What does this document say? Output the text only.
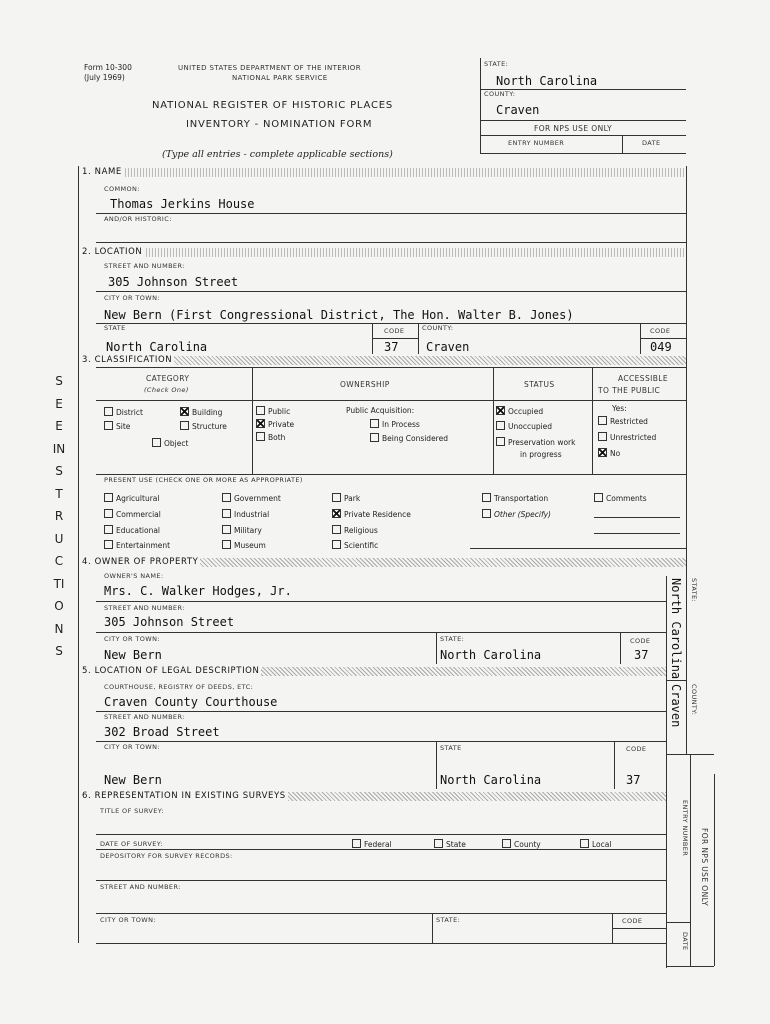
SEE INSTRUCTIONS
Form 10-300
(July 1969)
UNITED STATES DEPARTMENT OF THE INTERIOR
NATIONAL PARK SERVICE
NATIONAL REGISTER OF HISTORIC PLACES
INVENTORY - NOMINATION FORM
(Type all entries - complete applicable sections)
STATE:
North Carolina
COUNTY:
Craven
FOR NPS USE ONLY
ENTRY NUMBER	DATE
1. NAME
COMMON:
Thomas Jerkins House
AND/OR HISTORIC:
2. LOCATION
STREET AND NUMBER:
305 Johnson Street
CITY OR TOWN:
New Bern (First Congressional District, The Hon. Walter B. Jones)
STATE	CODE	COUNTY:	CODE
North Carolina	37 Craven	049
3. CLASSIFICATION
CATEGORY
(Check One)
OWNERSHIP	STATUS
ACCESSIBLE
TO THE PUBLIC
District	Building
Site	Structure
Object
Public
Private
Both
Public Acquisition:
In Process
Being Considered
Occupied
Unoccupied
Preservation work
in progress
Yes:
Restricted
Unrestricted
No
PRESENT USE (CHECK ONE OR MORE AS APPROPRIATE)
Agricultural
Commercial
Educational
Entertainment
Government
Industrial
Military
Museum
Park
Private Residence
Religious
Scientific
Transportation
Other (Specify)
Comments
4. OWNER OF PROPERTY
OWNER'S NAME:
Mrs. C. Walker Hodges, Jr.
STREET AND NUMBER:
305 Johnson Street
CITY OR TOWN:	STATE:	CODE
New Bern	North Carolina	37
5. LOCATION OF LEGAL DESCRIPTION
COURTHOUSE, REGISTRY OF DEEDS, ETC:
Craven County Courthouse
STREET AND NUMBER:
302 Broad Street
CITY OR TOWN:	STATE	CODE
New Bern	North Carolina	37
6. REPRESENTATION IN EXISTING SURVEYS
TITLE OF SURVEY:
DATE OF SURVEY:	Federal	State	County	Local
DEPOSITORY FOR SURVEY RECORDS:
STREET AND NUMBER:
CITY OR TOWN:	STATE:	CODE
STATE:
North Carolina
COUNTY:
Craven
ENTRY NUMBER FOR NPS USE ONLY
DATE
